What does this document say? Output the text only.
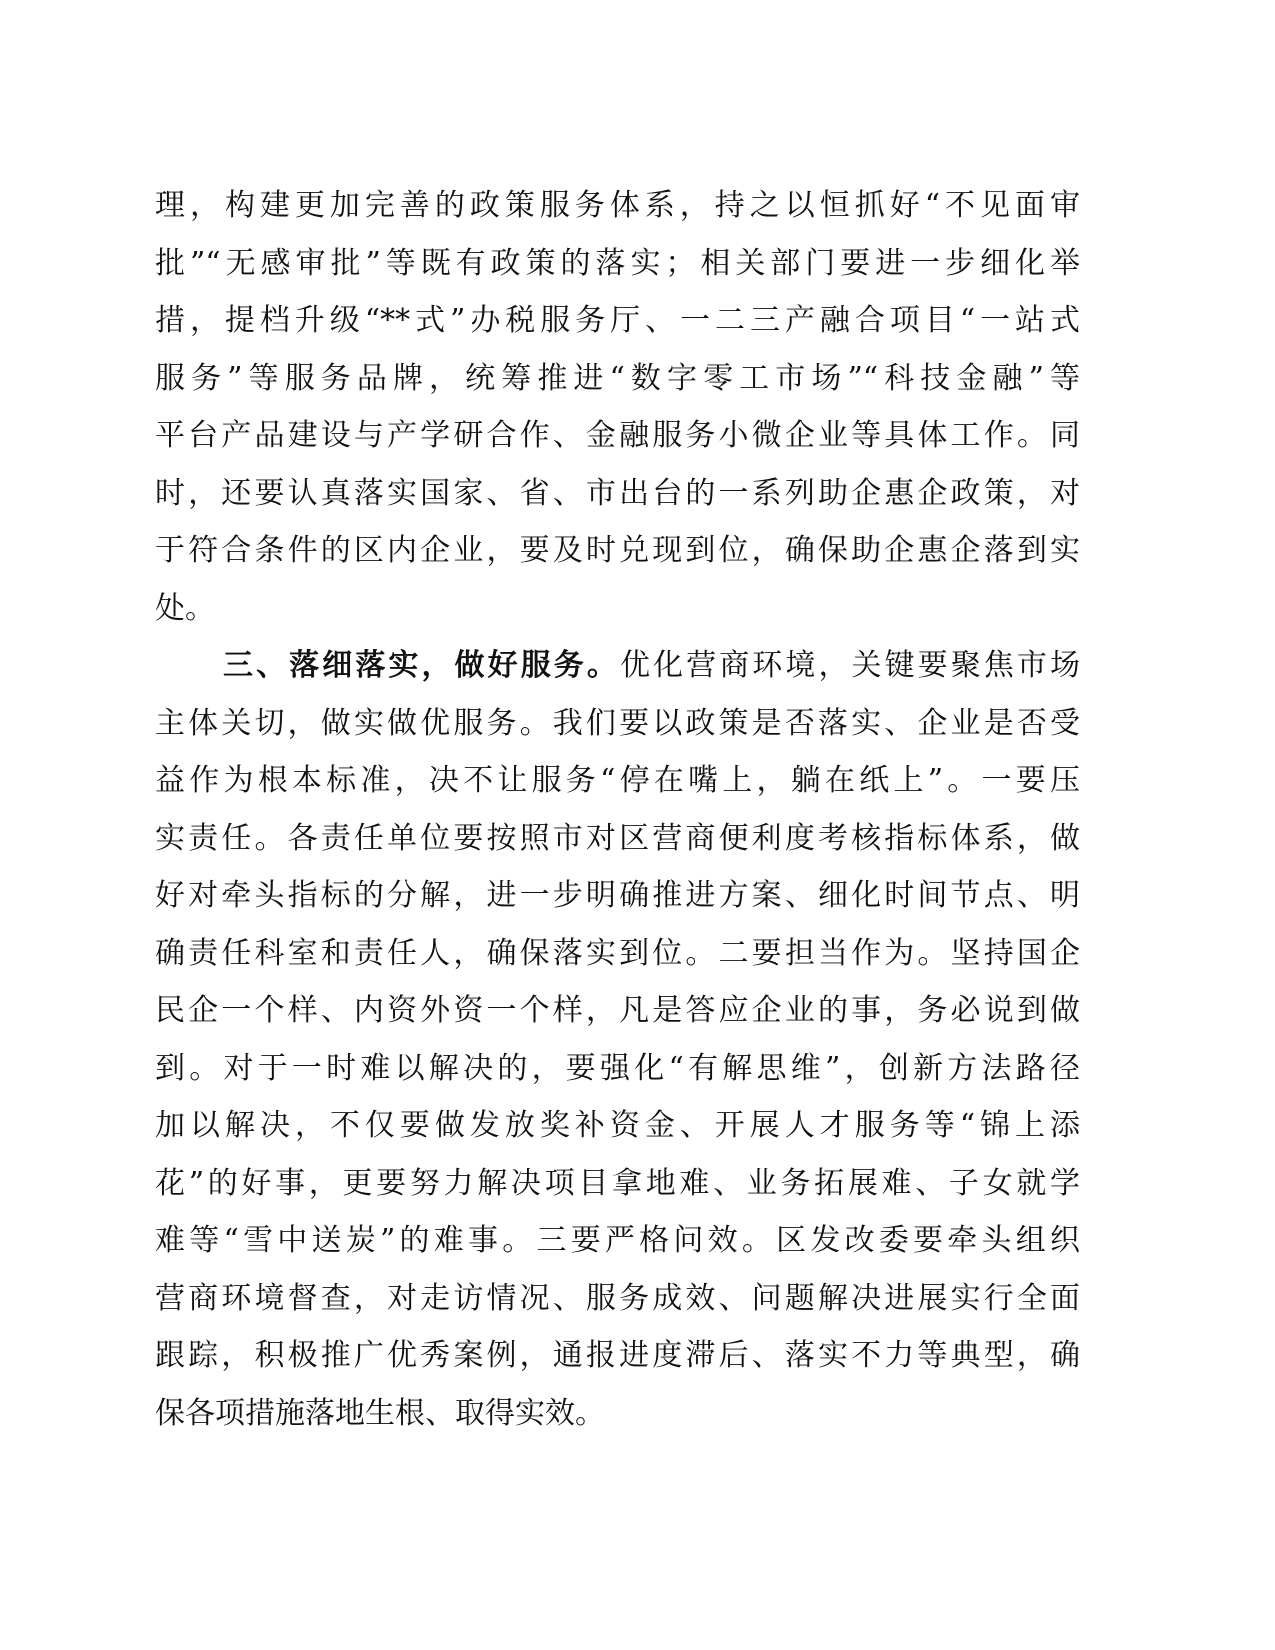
理，构建更加完善的政策服务体系，持之以恒抓好“不见面审
批”“无感审批”等既有政策的落实；相关部门要进一步细化举
措，提档升级“**式”办税服务厅、一二三产融合项目“一站式
服务”等服务品牌，统筹推进“数字零工市场”“科技金融”等
平台产品建设与产学研合作、金融服务小微企业等具体工作。同
时，还要认真落实国家、省、市出台的一系列助企惠企政策，对
于符合条件的区内企业，要及时兑现到位，确保助企惠企落到实
处。
三、落细落实，做好服务。优化营商环境，关键要聚焦市场
主体关切，做实做优服务。我们要以政策是否落实、企业是否受
益作为根本标准，决不让服务“停在嘴上，躺在纸上”。一要压
实责任。各责任单位要按照市对区营商便利度考核指标体系，做
好对牵头指标的分解，进一步明确推进方案、细化时间节点、明
确责任科室和责任人，确保落实到位。二要担当作为。坚持国企
民企一个样、内资外资一个样，凡是答应企业的事，务必说到做
到。对于一时难以解决的，要强化“有解思维”，创新方法路径
加以解决，不仅要做发放奖补资金、开展人才服务等“锦上添
花”的好事，更要努力解决项目拿地难、业务拓展难、子女就学
难等“雪中送炭”的难事。三要严格问效。区发改委要牵头组织
营商环境督查，对走访情况、服务成效、问题解决进展实行全面
跟踪，积极推广优秀案例，通报进度滞后、落实不力等典型，确
保各项措施落地生根、取得实效。
